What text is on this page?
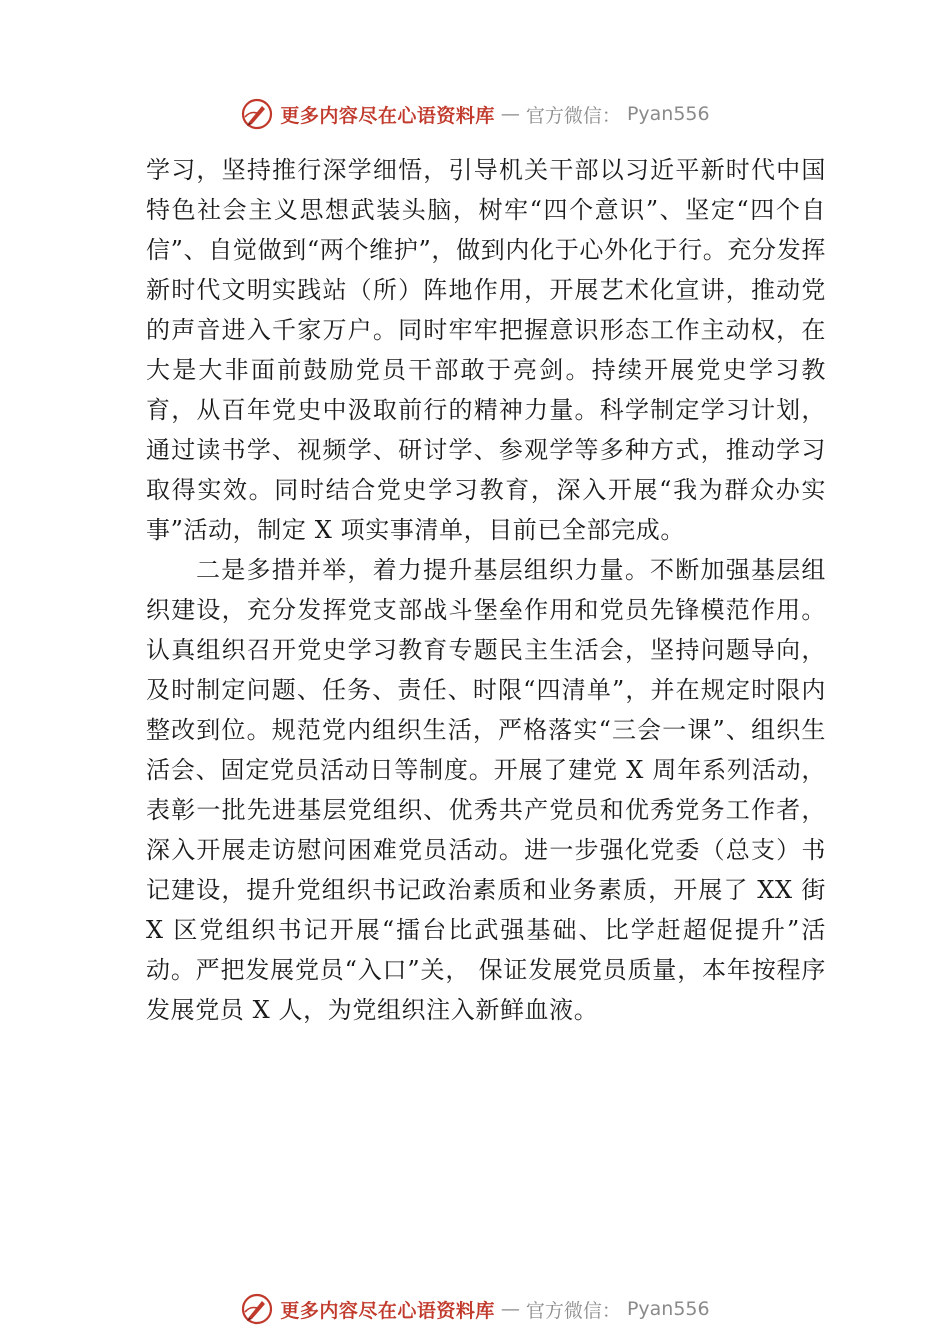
更多内容尽在心语资料库 — 官方微信： Pyan556

学习，坚持推行深学细悟，引导机关干部以习近平新时代中国特色社会主义思想武装头脑，树牢“四个意识”、坚定“四个自信”、自觉做到“两个维护”，做到内化于心外化于行。充分发挥新时代文明实践站（所）阵地作用，开展艺术化宣讲，推动党的声音进入千家万户。同时牢牢把握意识形态工作主动权，在大是大非面前鼓励党员干部敢于亮剑。持续开展党史学习教育，从百年党史中汲取前行的精神力量。科学制定学习计划，通过读书学、视频学、研讨学、参观学等多种方式，推动学习取得实效。同时结合党史学习教育，深入开展“我为群众办实事”活动，制定 X 项实事清单，目前已全部完成。

二是多措并举，着力提升基层组织力量。不断加强基层组织建设，充分发挥党支部战斗堡垒作用和党员先锋模范作用。认真组织召开党史学习教育专题民主生活会，坚持问题导向，及时制定问题、任务、责任、时限“四清单”，并在规定时限内整改到位。规范党内组织生活，严格落实“三会一课”、组织生活会、固定党员活动日等制度。开展了建党 X 周年系列活动，表彰一批先进基层党组织、优秀共产党员和优秀党务工作者，深入开展走访慰问困难党员活动。进一步强化党委（总支）书记建设，提升党组织书记政治素质和业务素质，开展了 XX 街 X 区党组织书记开展“擂台比武强基础、比学赶超促提升”活动。严把发展党员“入口”关， 保证发展党员质量，本年按程序发展党员 X 人，为党组织注入新鲜血液。

更多内容尽在心语资料库 — 官方微信： Pyan556
